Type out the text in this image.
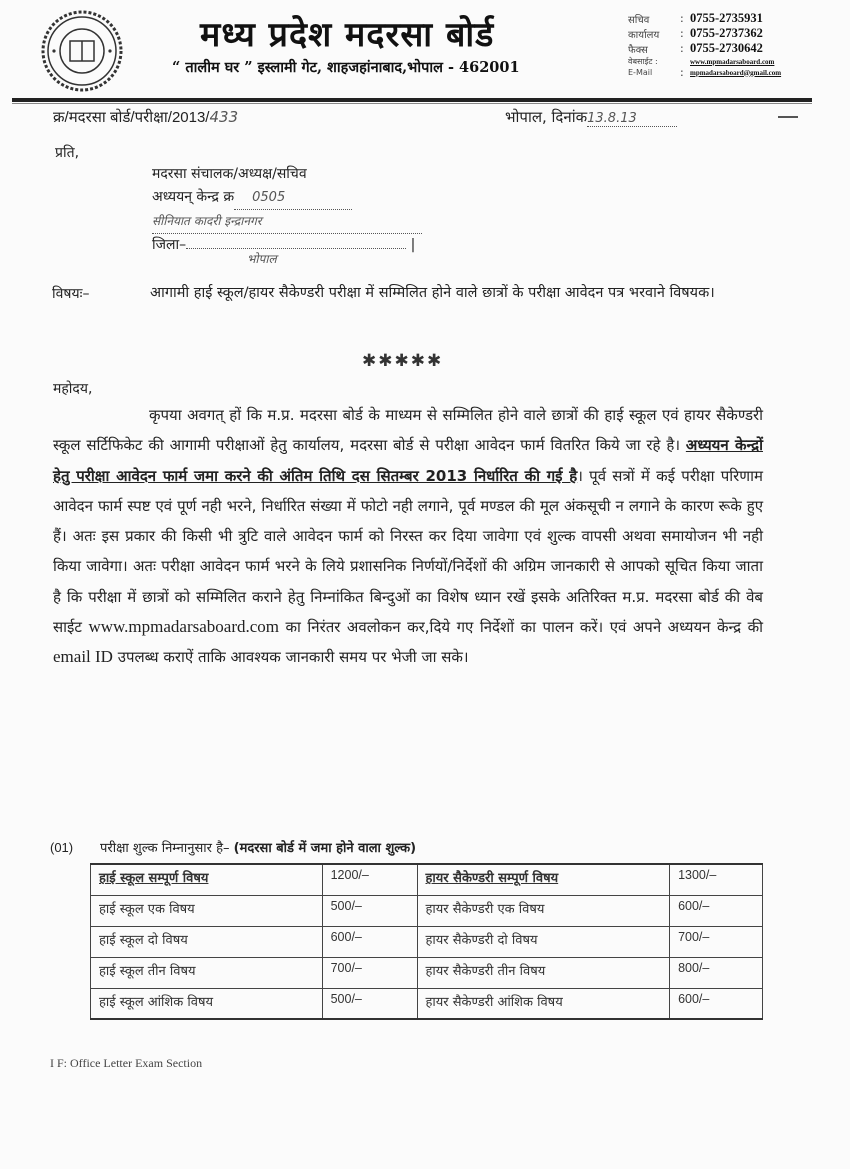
मध्य प्रदेश मदरसा बोर्ड
“ तालीम घर ” इस्लामी गेट, शाहजहांनाबाद,भोपाल - 462001
सचिव	: 0755-2735931
कार्यालय	: 0755-2737362
फैक्स	: 0755-2730642
वेबसाईट :	www.mpmadarsaboard.com
E-Mail	: mpmadarsaboard@gmail.com
क्र/मदरसा बोर्ड/परीक्षा/2013/433	भोपाल, दिनांक13.8.13
प्रति,
मदरसा संचालक/अध्यक्ष/सचिव
अध्ययन् केन्द्र क्र 0505
सीनियात कादरी इन्द्रानगर
जिला–	|
भोपाल
विषयः–	आगामी हाई स्कूल/हायर सैकेण्डरी परीक्षा में सम्मिलित होने वाले छात्रों के परीक्षा आवेदन पत्र भरवाने विषयक।
✱✱✱✱✱
महोदय,

कृपया अवगत् हों कि म.प्र. मदरसा बोर्ड के माध्यम से सम्मिलित होने वाले छात्रों की हाई स्कूल एवं हायर सैकेण्डरी स्कूल सर्टिफिकेट की आगामी परीक्षाओं हेतु कार्यालय, मदरसा बोर्ड से परीक्षा आवेदन फार्म वितरित किये जा रहे है। अध्ययन केन्द्रों हेतु परीक्षा आवेदन फार्म जमा करने की अंतिम तिथि दस सितम्बर 2013 निर्धारित की गई है। पूर्व सत्रों में कई परीक्षा परिणाम आवेदन फार्म स्पष्ट एवं पूर्ण नही भरने, निर्धारित संख्या में फोटो नही लगाने, पूर्व मण्डल की मूल अंकसूची न लगाने के कारण रूके हुए हैं। अतः इस प्रकार की किसी भी त्रुटि वाले आवेदन फार्म को निरस्त कर दिया जावेगा एवं शुल्क वापसी अथवा समायोजन भी नही किया जावेगा। अतः परीक्षा आवेदन फार्म भरने के लिये प्रशासनिक निर्णयों/निर्देशों की अग्रिम जानकारी से आपको सूचित किया जाता है कि परीक्षा में छात्रों को सम्मिलित कराने हेतु निम्नांकित बिन्दुओं का विशेष ध्यान रखें इसके अतिरिक्त म.प्र. मदरसा बोर्ड की वेब साईट www.mpmadarsaboard.com का निरंतर अवलोकन कर,दिये गए निर्देशों का पालन करें। एवं अपने अध्ययन केन्द्र की email ID उपलब्ध कराऐं ताकि आवश्यक जानकारी समय पर भेजी जा सके।

(01) परीक्षा शुल्क निम्नानुसार है– (मदरसा बोर्ड में जमा होने वाला शुल्क)
हाई स्कूल सम्पूर्ण विषय	1200/–	हायर सैकेण्डरी सम्पूर्ण विषय	1300/–
हाई स्कूल एक विषय	500/–	हायर सैकेण्डरी एक विषय	600/–
हाई स्कूल दो विषय	600/–	हायर सैकेण्डरी दो विषय	700/–
हाई स्कूल तीन विषय	700/–	हायर सैकेण्डरी तीन विषय	800/–
हाई स्कूल आंशिक विषय	500/–	हायर सैकेण्डरी आंशिक विषय	600/–
I F: Office Letter Exam Section
